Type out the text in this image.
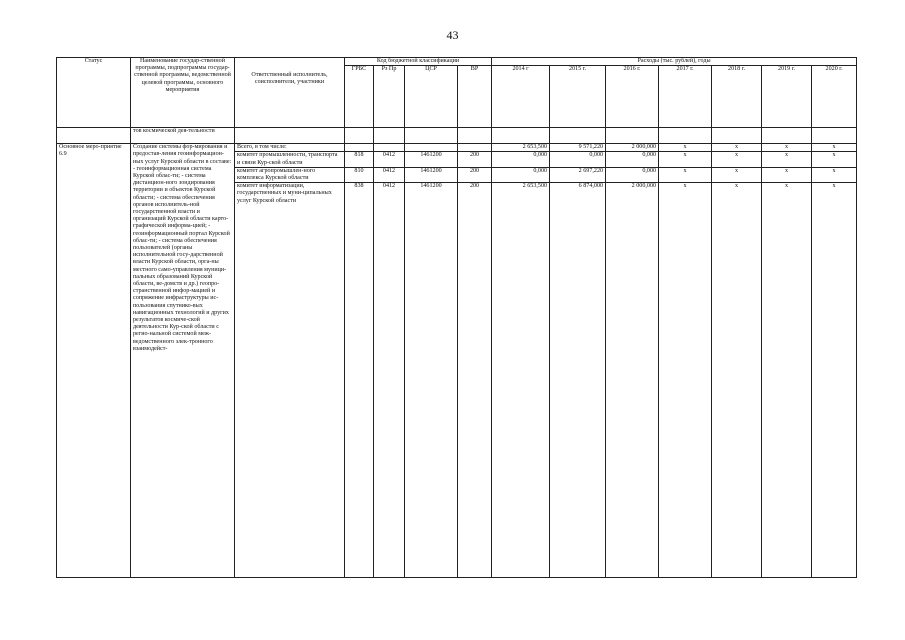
43
Статус	Наименование государ-ственной программы, подпрограммы государ-ственной программы, ведомственной целевой программы, основного мероприятия	Ответственный исполнитель, соисполнители, участники	Код бюджетной классификации				Расходы (тыс. рублей), годы						
			ГРБС	Рз Пр	ЦСР	ВР	2014 г	2015 г.	2016 г.	2017 г.	2018 г.	2019 г.	2020 г.
	тов космической дея-тельности												
Основное меро-приятие 6.9	Создание системы фор-мирования и предостав-ления геоинформацион-ных услуг Курской области в составе: - геоинформационная система Курской облас-ти; - система дистанцион-ного зондирования территории и объектов Курской области; - система обеспечения органов исполнитель-ной государственной власти и организаций Курской области карто-графической информа-цией; - геоинформационный портал Курской облас-ти; - система обеспечения пользователей (органы исполнительной госу-дарственной власти Курской области, орга-ны местного само-управления муници-пальных образований Курской области, ве-домств и др.) геопро-странственной инфор-мацией и сопряжение инфраструктуры ис-пользования спутнико-вых навигационных технологий и других результатов космиче-ской деятельности Кур-ской области с регио-нальной системой меж-ведомственного элек-тронного взаимодейст-	Всего, в том числе:					2 653,500	9 571,220	2 000,000	х	х	х	х
		комитет промышленности, транспорта и связи Кур-ской области	818	0412	1461200	200	0,000	0,000	0,000	х	х	х	х
		комитет агропромышлен-ного комплекса Курской области	810	0412	1461200	200	0,000	2 697,220	0,000	х	х	х	х
		комитет информатизации, государственных и муни-ципальных услуг Курской области	838	0412	1461200	200	2 653,500	6 874,000	2 000,000	х	х	х	х
